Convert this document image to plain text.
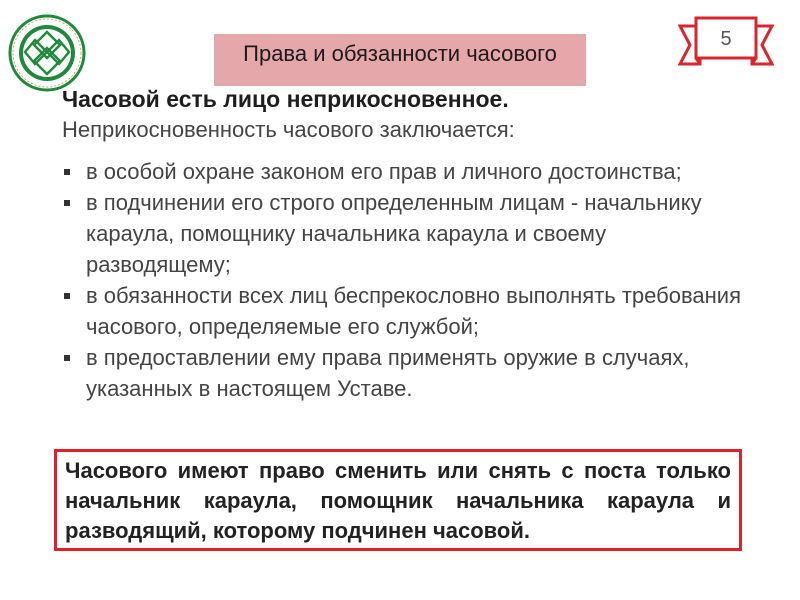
Права и обязанности часового
5
Часовой есть лицо неприкосновенное.
Неприкосновенность часового заключается:
в особой охране законом его прав и личного достоинства;
в подчинении его строго определенным лицам - начальнику караула, помощнику начальника караула и своему разводящему;
в обязанности всех лиц беспрекословно выполнять требования часового, определяемые его службой;
в предоставлении ему права применять оружие в случаях, указанных в настоящем Уставе.
Часового имеют право сменить или снять с поста только начальник караула, помощник начальника караула и разводящий, которому подчинен часовой.
